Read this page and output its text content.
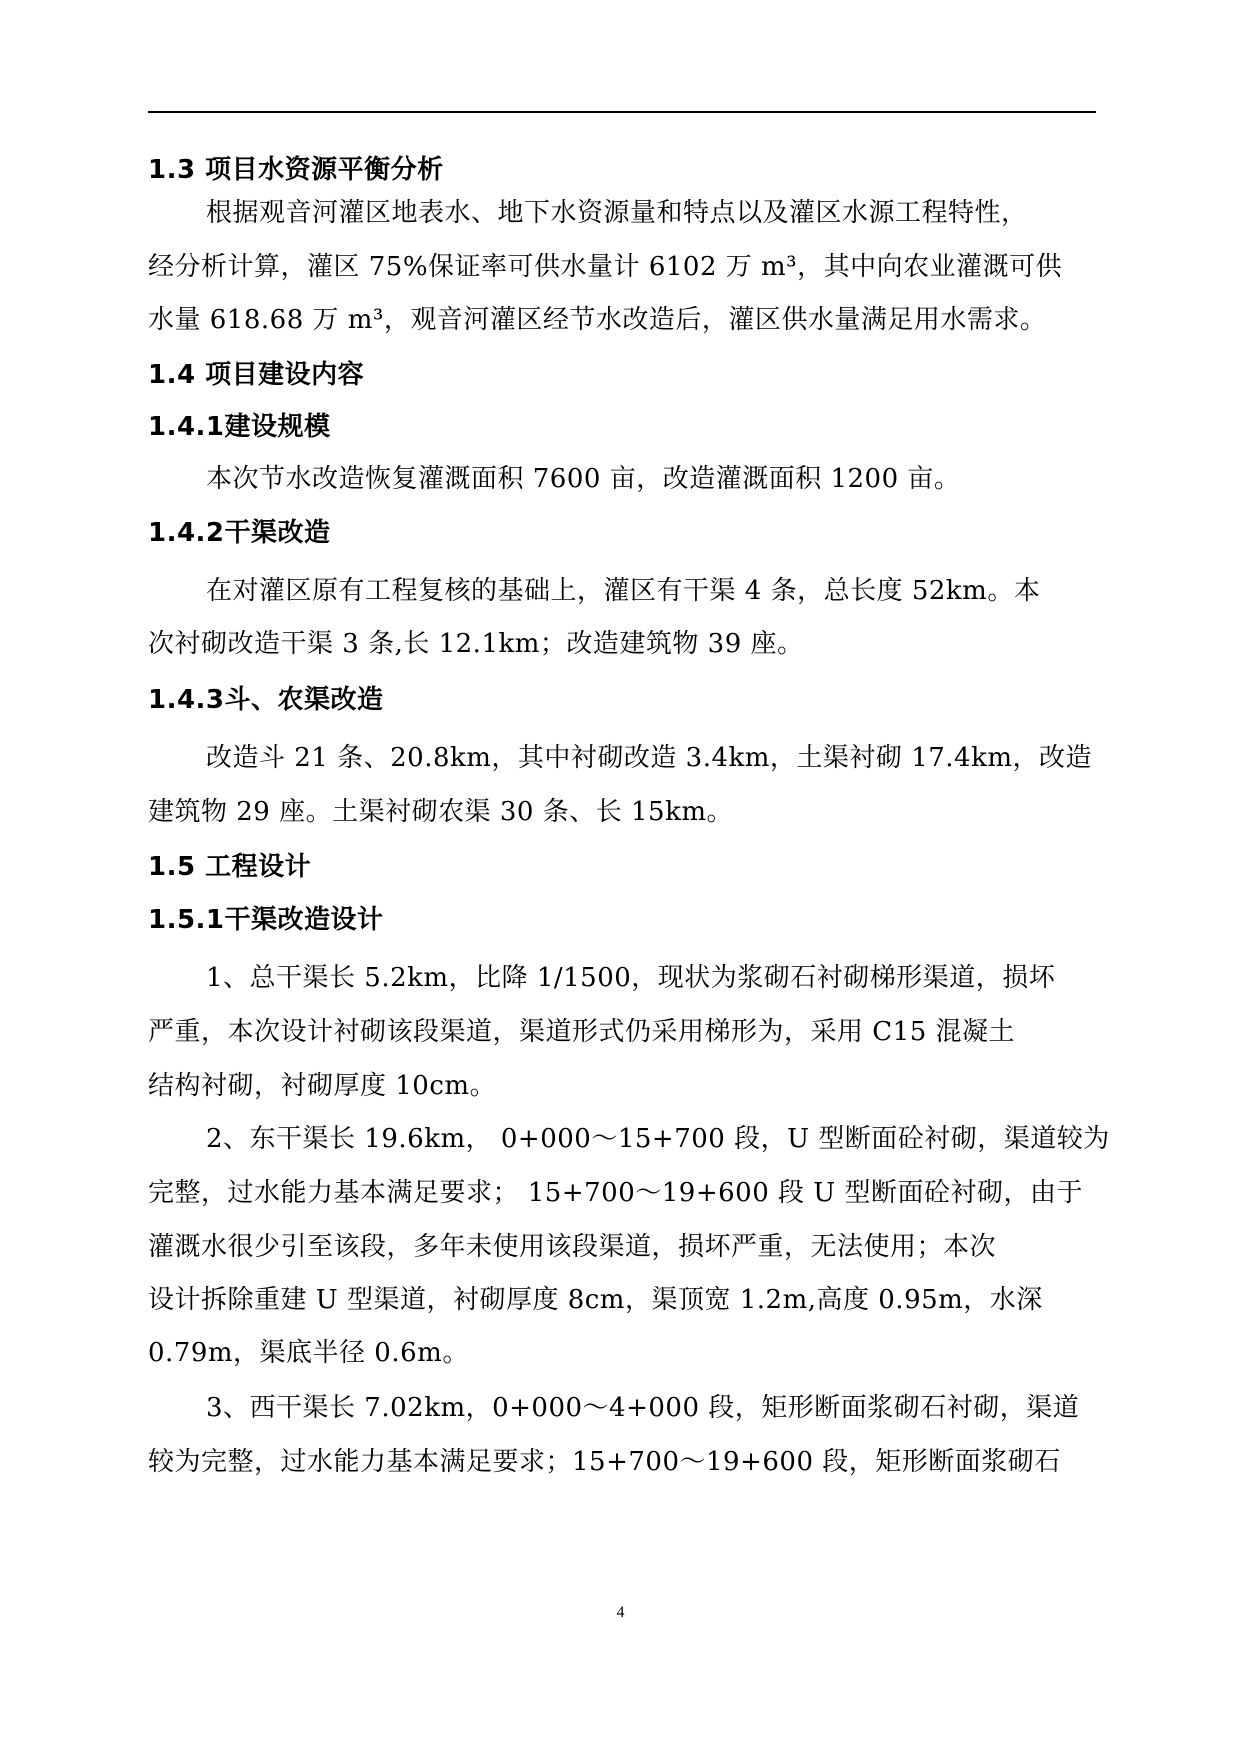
1.3 项目水资源平衡分析
根据观音河灌区地表水、地下水资源量和特点以及灌区水源工程特性，
经分析计算，灌区 75%保证率可供水量计 6102 万 m³，其中向农业灌溉可供
水量 618.68 万 m³，观音河灌区经节水改造后，灌区供水量满足用水需求。
1.4 项目建设内容
1.4.1建设规模
本次节水改造恢复灌溉面积 7600 亩，改造灌溉面积 1200 亩。
1.4.2干渠改造
在对灌区原有工程复核的基础上，灌区有干渠 4 条，总长度 52km。本
次衬砌改造干渠 3 条,长 12.1km；改造建筑物 39 座。
1.4.3斗、农渠改造
改造斗 21 条、20.8km，其中衬砌改造 3.4km，土渠衬砌 17.4km，改造
建筑物 29 座。土渠衬砌农渠 30 条、长 15km。
1.5 工程设计
1.5.1干渠改造设计
1、总干渠长 5.2km，比降 1/1500，现状为浆砌石衬砌梯形渠道，损坏
严重，本次设计衬砌该段渠道，渠道形式仍采用梯形为，采用 C15 混凝土
结构衬砌，衬砌厚度 10cm。
2、东干渠长 19.6km， 0+000～15+700 段，U 型断面砼衬砌，渠道较为
完整，过水能力基本满足要求； 15+700～19+600 段 U 型断面砼衬砌，由于
灌溉水很少引至该段，多年未使用该段渠道，损坏严重，无法使用；本次
设计拆除重建 U 型渠道，衬砌厚度 8cm，渠顶宽 1.2m,高度 0.95m，水深
0.79m，渠底半径 0.6m。
3、西干渠长 7.02km，0+000～4+000 段，矩形断面浆砌石衬砌，渠道
较为完整，过水能力基本满足要求；15+700～19+600 段，矩形断面浆砌石
4
